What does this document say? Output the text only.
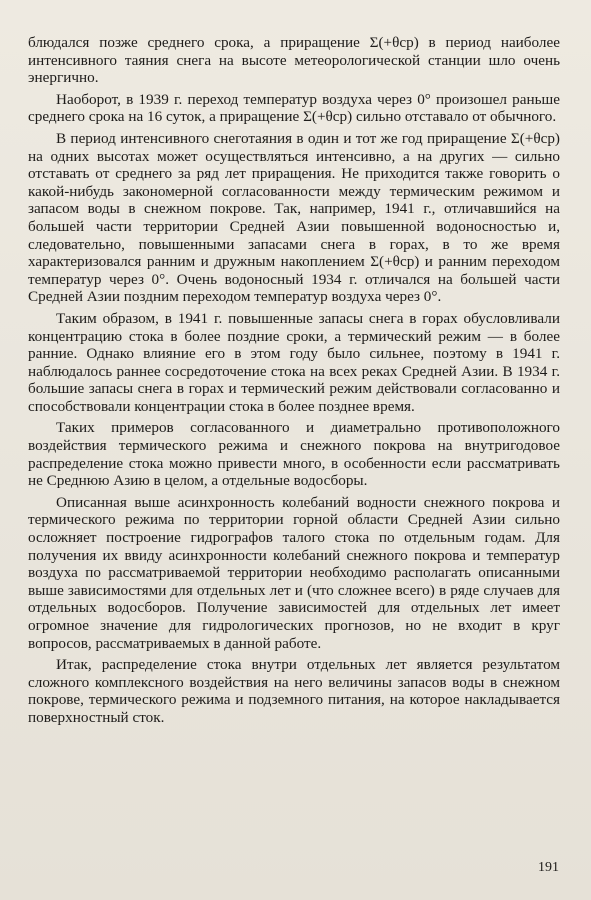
блюдался позже среднего срока, а приращение Σ(+θср) в период наиболее интенсивного таяния снега на высоте метеорологической станции шло очень энергично.

Наоборот, в 1939 г. переход температур воздуха через 0° произошел раньше среднего срока на 16 суток, а приращение Σ(+θср) сильно отставало от обычного.

В период интенсивного снеготаяния в один и тот же год приращение Σ(+θср) на одних высотах может осуществляться интенсивно, а на других — сильно отставать от среднего за ряд лет приращения. Не приходится также говорить о какой-нибудь закономерной согласованности между термическим режимом и запасом воды в снежном покрове. Так, например, 1941 г., отличавшийся на большей части территории Средней Азии повышенной водоносностью и, следовательно, повышенными запасами снега в горах, в то же время характеризовался ранним и дружным накоплением Σ(+θср) и ранним переходом температур через 0°. Очень водоносный 1934 г. отличался на большей части Средней Азии поздним переходом температур воздуха через 0°.

Таким образом, в 1941 г. повышенные запасы снега в горах обусловливали концентрацию стока в более поздние сроки, а термический режим — в более ранние. Однако влияние его в этом году было сильнее, поэтому в 1941 г. наблюдалось раннее сосредоточение стока на всех реках Средней Азии. В 1934 г. большие запасы снега в горах и термический режим действовали согласованно и способствовали концентрации стока в более позднее время.

Таких примеров согласованного и диаметрально противоположного воздействия термического режима и снежного покрова на внутригодовое распределение стока можно привести много, в особенности если рассматривать не Среднюю Азию в целом, а отдельные водосборы.

Описанная выше асинхронность колебаний водности снежного покрова и термического режима по территории горной области Средней Азии сильно осложняет построение гидрографов талого стока по отдельным годам. Для получения их ввиду асинхронности колебаний снежного покрова и температур воздуха по рассматриваемой территории необходимо располагать описанными выше зависимостями для отдельных лет и (что сложнее всего) в ряде случаев для отдельных водосборов. Получение зависимостей для отдельных лет имеет огромное значение для гидрологических прогнозов, но не входит в круг вопросов, рассматриваемых в данной работе.

Итак, распределение стока внутри отдельных лет является результатом сложного комплексного воздействия на него величины запасов воды в снежном покрове, термического режима и подземного питания, на которое накладывается поверхностный сток.

191
